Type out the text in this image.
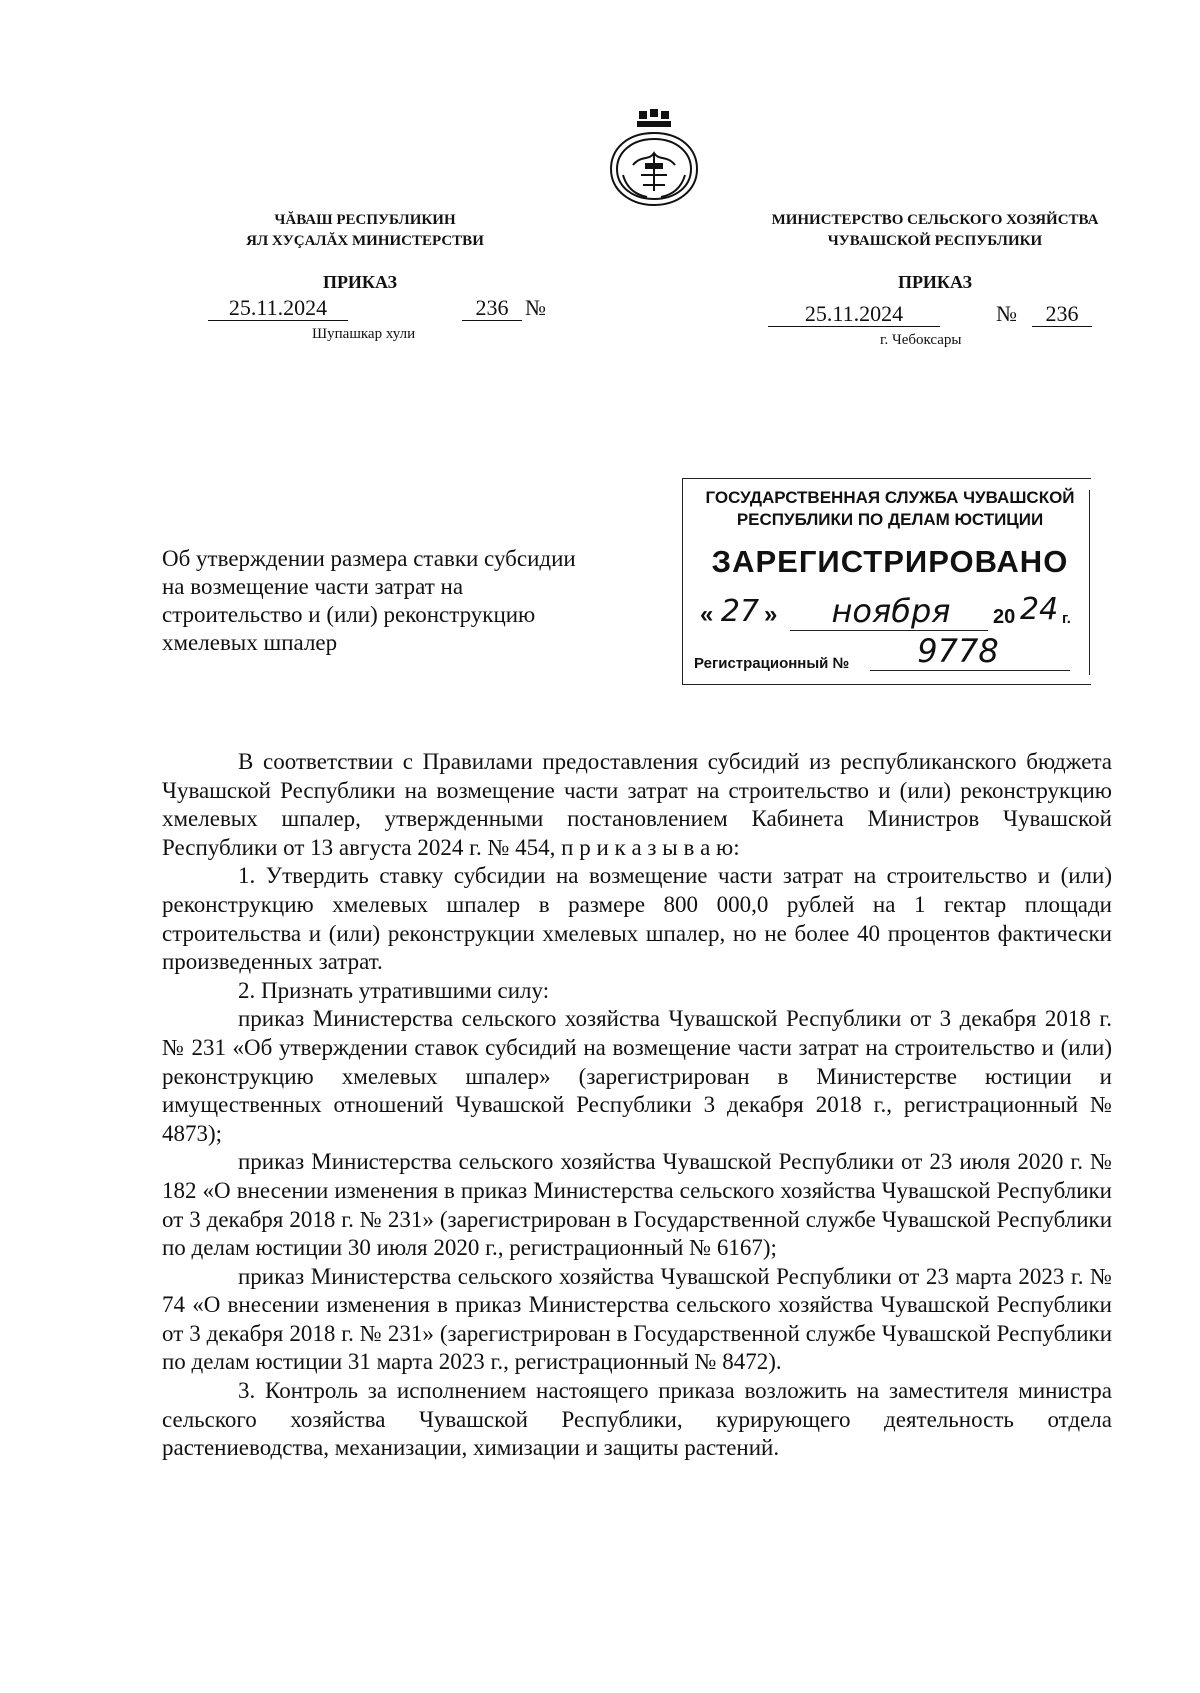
ЧĂВАШ РЕСПУБЛИКИН
ЯЛ ХУÇАЛĂХ МИНИСТЕРСТВИ
ПРИКАЗ
25.11.2024	236 №
Шупашкар хули
МИНИСТЕРСТВО СЕЛЬСКОГО ХОЗЯЙСТВА
ЧУВАШСКОЙ РЕСПУБЛИКИ
ПРИКАЗ
25.11.2024	№	236
г. Чебоксары
ГОСУДАРСТВЕННАЯ СЛУЖБА ЧУВАШСКОЙ
РЕСПУБЛИКИ ПО ДЕЛАМ ЮСТИЦИИ
ЗАРЕГИСТРИРОВАНО
« 27 »	ноября	20 24 г.
Регистрационный №	9778
Об утверждении размера ставки субсидии
на возмещение части затрат на
строительство и (или) реконструкцию
хмелевых шпалер

В соответствии с Правилами предоставления субсидий из республиканского бюджета Чувашской Республики на возмещение части затрат на строительство и (или) реконструкцию хмелевых шпалер, утвержденными постановлением Кабинета Министров Чувашской Республики от 13 августа 2024 г. № 454, п р и к а з ы в а ю:

1. Утвердить ставку субсидии на возмещение части затрат на строительство и (или) реконструкцию хмелевых шпалер в размере 800 000,0 рублей на 1 гектар площади строительства и (или) реконструкции хмелевых шпалер, но не более 40 процентов фактически произведенных затрат.

2. Признать утратившими силу:

приказ Министерства сельского хозяйства Чувашской Республики от 3 декабря 2018 г. № 231 «Об утверждении ставок субсидий на возмещение части затрат на строительство и (или) реконструкцию хмелевых шпалер» (зарегистрирован в Министерстве юстиции и имущественных отношений Чувашской Республики 3 декабря 2018 г., регистрационный № 4873);

приказ Министерства сельского хозяйства Чувашской Республики от 23 июля 2020 г. № 182 «О внесении изменения в приказ Министерства сельского хозяйства Чувашской Республики от 3 декабря 2018 г. № 231» (зарегистрирован в Государственной службе Чувашской Республики по делам юстиции 30 июля 2020 г., регистрационный № 6167);

приказ Министерства сельского хозяйства Чувашской Республики от 23 марта 2023 г. № 74 «О внесении изменения в приказ Министерства сельского хозяйства Чувашской Республики от 3 декабря 2018 г. № 231» (зарегистрирован в Государственной службе Чувашской Республики по делам юстиции 31 марта 2023 г., регистрационный № 8472).

3. Контроль за исполнением настоящего приказа возложить на заместителя министра сельского хозяйства Чувашской Республики, курирующего деятельность отдела растениеводства, механизации, химизации и защиты растений.
